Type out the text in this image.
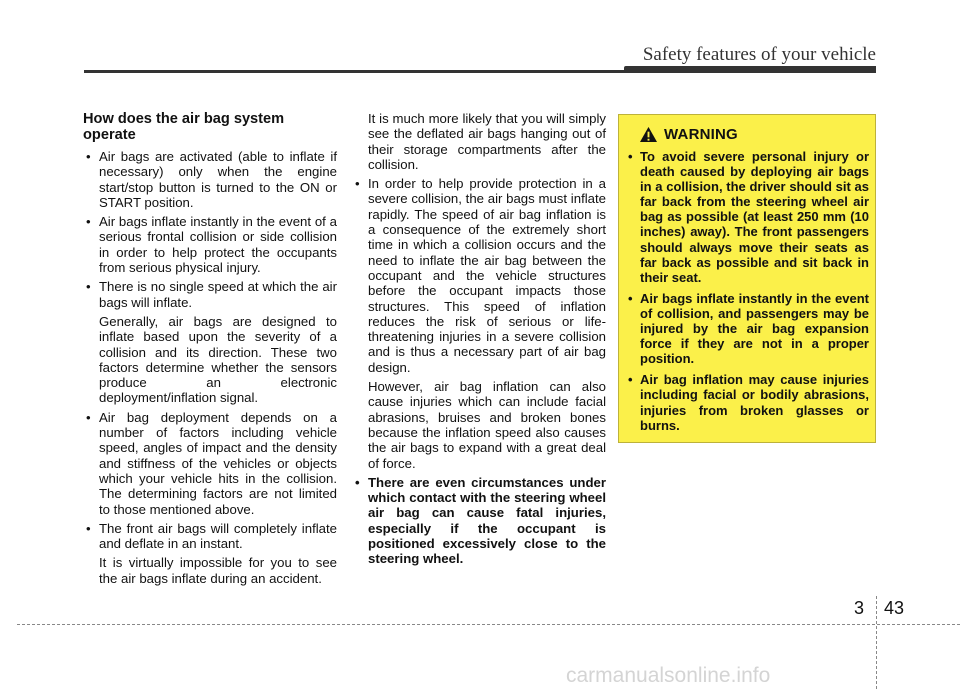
Safety features of your vehicle
How does the air bag system operate
• Air bags are activated (able to inflate if necessary) only when the engine start/stop button is turned to the ON or START position.
• Air bags inflate instantly in the event of a serious frontal collision or side collision in order to help protect the occupants from serious physical injury.
• There is no single speed at which the air bags will inflate.

Generally, air bags are designed to inflate based upon the severity of a collision and its direction. These two factors determine whether the sensors produce an electronic deployment/inflation signal.

• Air bag deployment depends on a number of factors including vehicle speed, angles of impact and the density and stiffness of the vehicles or objects which your vehicle hits in the collision. The determining factors are not limited to those mentioned above.
• The front air bags will completely inflate and deflate in an instant.

It is virtually impossible for you to see the air bags inflate during an accident.

It is much more likely that you will simply see the deflated air bags hanging out of their storage compartments after the collision.

• In order to help provide protection in a severe collision, the air bags must inflate rapidly. The speed of air bag inflation is a consequence of the extremely short time in which a collision occurs and the need to inflate the air bag between the occupant and the vehicle structures before the occupant impacts those structures. This speed of inflation reduces the risk of serious or life-threatening injuries in a severe collision and is thus a necessary part of air bag design.

However, air bag inflation can also cause injuries which can include facial abrasions, bruises and broken bones because the inflation speed also causes the air bags to expand with a great deal of force.

• There are even circumstances under which contact with the steering wheel air bag can cause fatal injuries, especially if the occupant is positioned excessively close to the steering wheel.
WARNING
• To avoid severe personal injury or death caused by deploying air bags in a collision, the driver should sit as far back from the steering wheel air bag as possible (at least 250 mm (10 inches) away). The front passengers should always move their seats as far back as possible and sit back in their seat.
• Air bags inflate instantly in the event of collision, and passengers may be injured by the air bag expansion force if they are not in a proper position.
• Air bag inflation may cause injuries including facial or bodily abrasions, injuries from broken glasses or burns.
3 43
carmanualsonline.info
